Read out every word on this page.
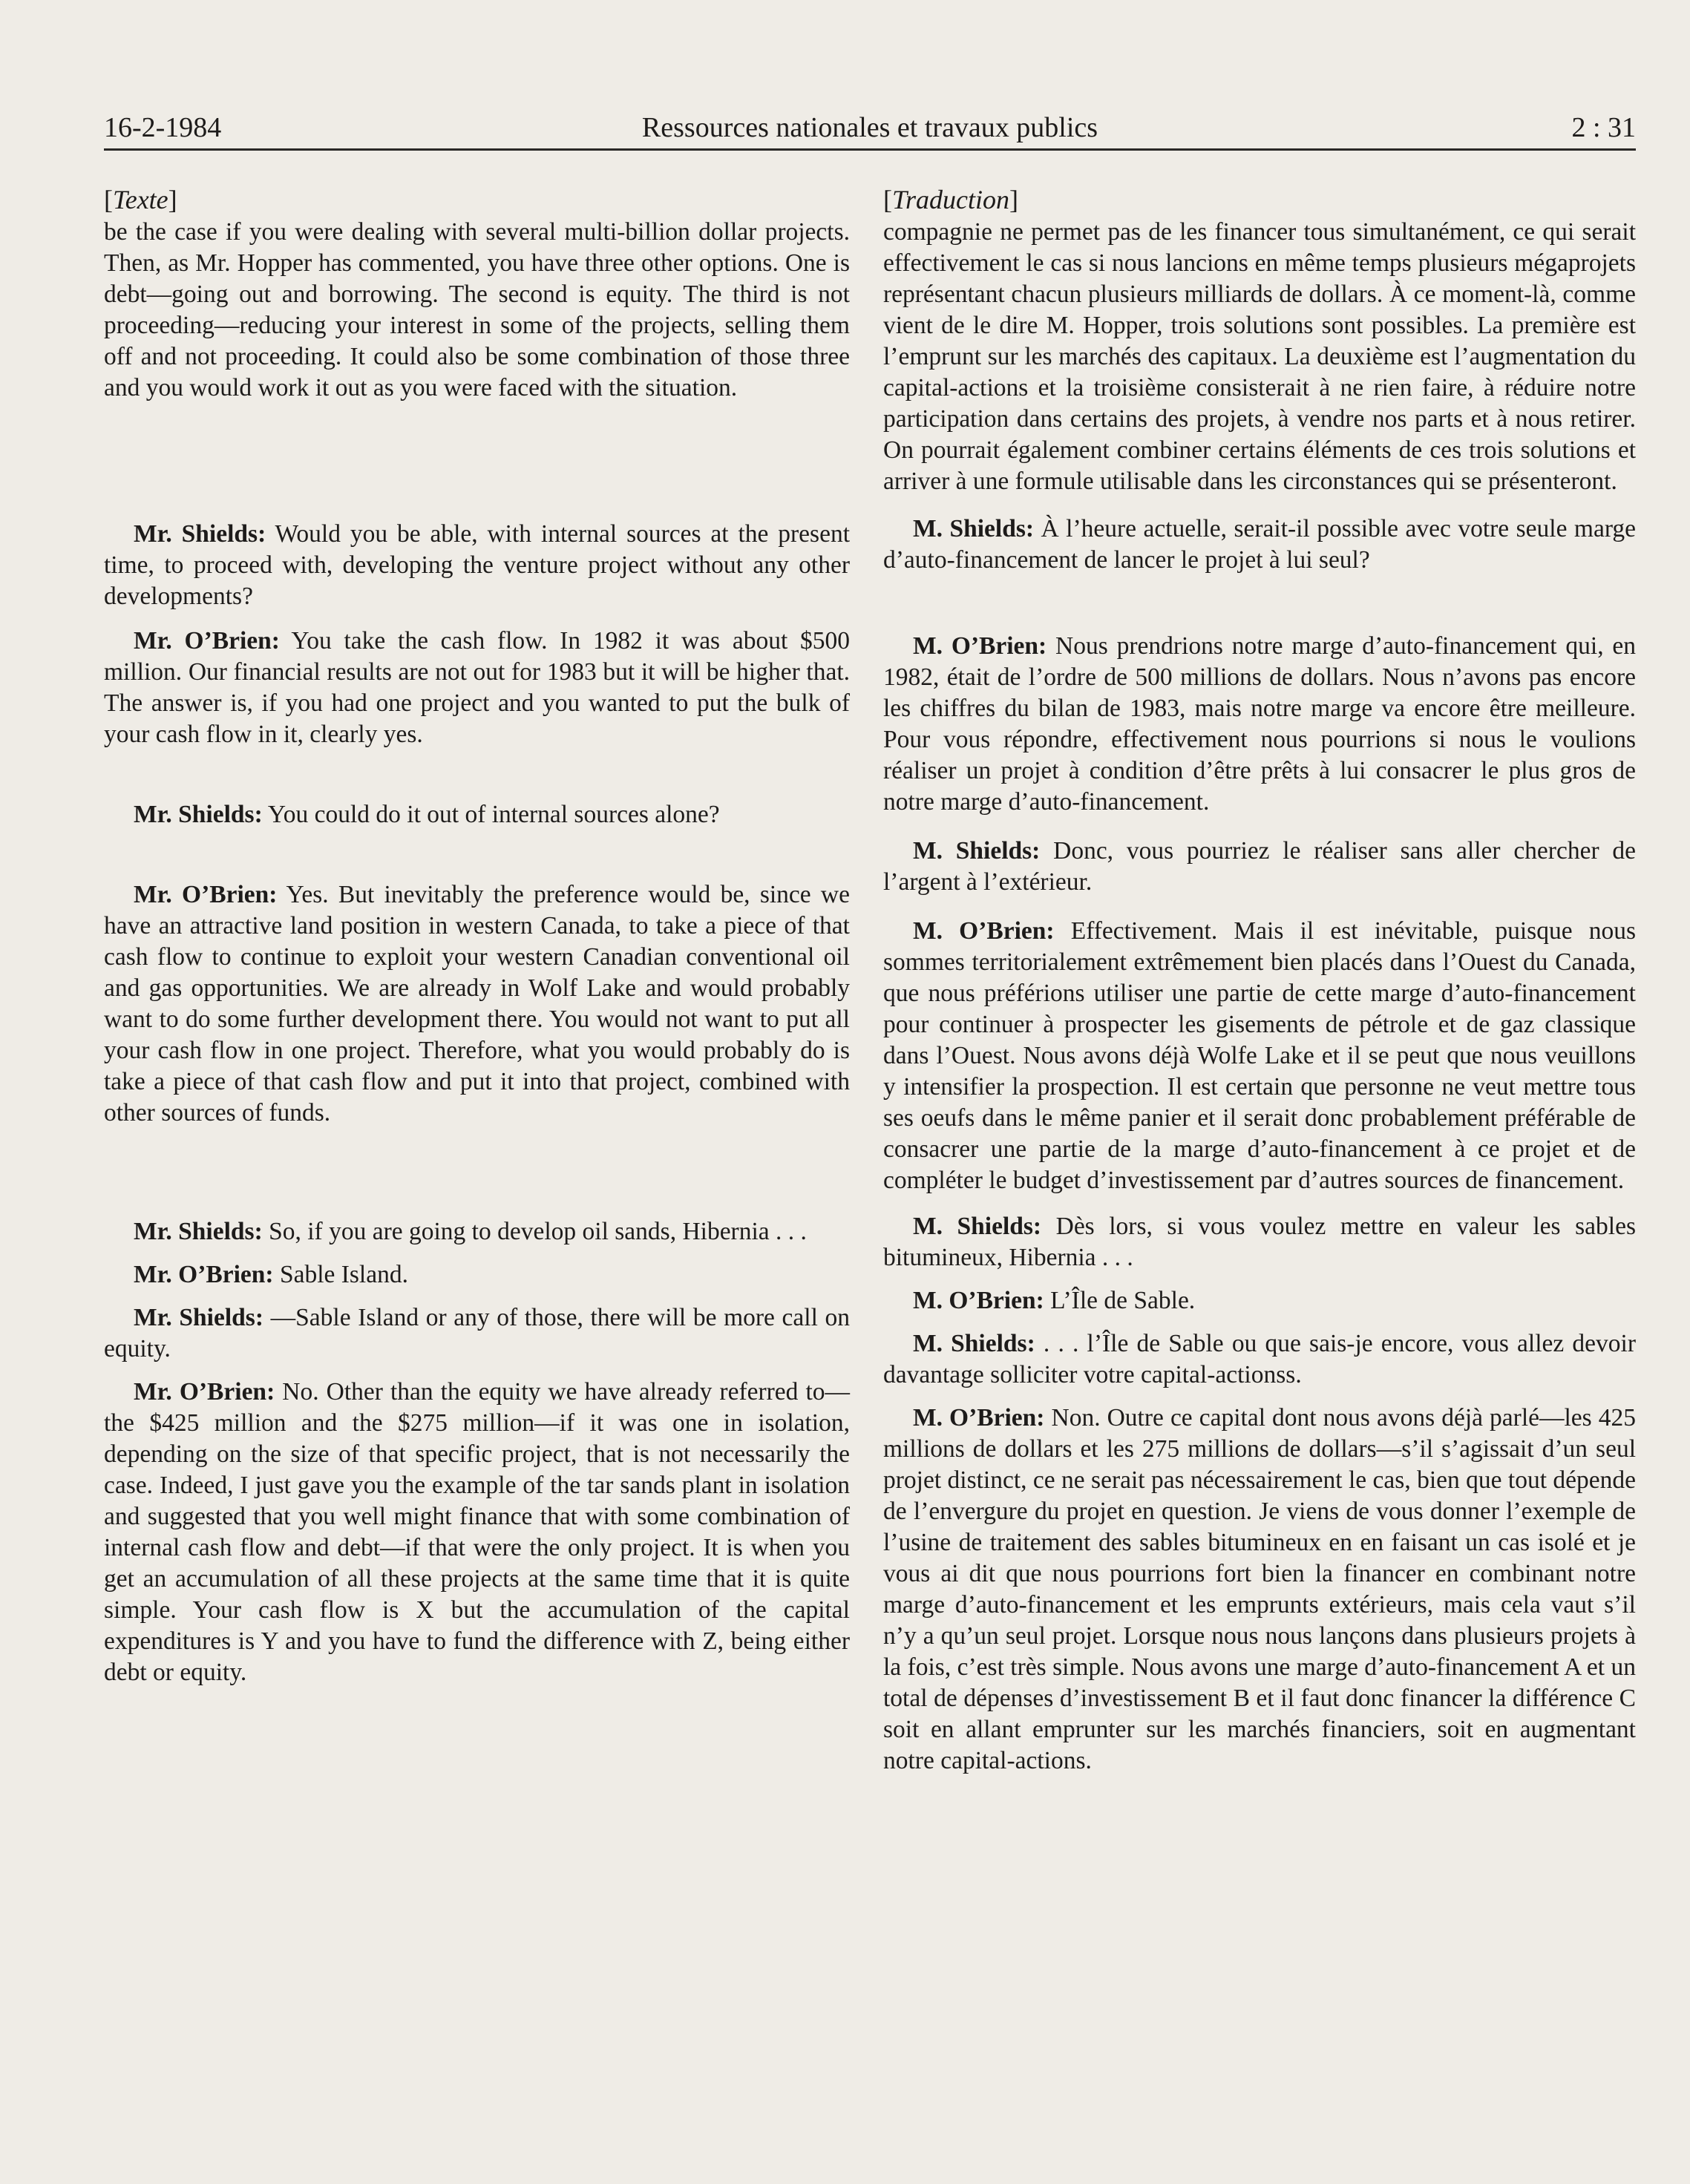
16-2-1984	Ressources nationales et travaux publics	2 : 31
[Texte]

be the case if you were dealing with several multi-billion dollar projects. Then, as Mr. Hopper has commented, you have three other options. One is debt—going out and borrowing. The second is equity. The third is not proceeding—reducing your interest in some of the projects, selling them off and not proceeding. It could also be some combination of those three and you would work it out as you were faced with the situation.

Mr. Shields: Would you be able, with internal sources at the present time, to proceed with, developing the venture project without any other developments?

Mr. O’Brien: You take the cash flow. In 1982 it was about $500 million. Our financial results are not out for 1983 but it will be higher that. The answer is, if you had one project and you wanted to put the bulk of your cash flow in it, clearly yes.

Mr. Shields: You could do it out of internal sources alone?

Mr. O’Brien: Yes. But inevitably the preference would be, since we have an attractive land position in western Canada, to take a piece of that cash flow to continue to exploit your western Canadian conventional oil and gas opportunities. We are already in Wolf Lake and would probably want to do some further development there. You would not want to put all your cash flow in one project. Therefore, what you would probably do is take a piece of that cash flow and put it into that project, combined with other sources of funds.

Mr. Shields: So, if you are going to develop oil sands, Hibernia . . .

Mr. O’Brien: Sable Island.

Mr. Shields: —Sable Island or any of those, there will be more call on equity.

Mr. O’Brien: No. Other than the equity we have already referred to—the $425 million and the $275 million—if it was one in isolation, depending on the size of that specific project, that is not necessarily the case. Indeed, I just gave you the example of the tar sands plant in isolation and suggested that you well might finance that with some combination of internal cash flow and debt—if that were the only project. It is when you get an accumulation of all these projects at the same time that it is quite simple. Your cash flow is X but the accumulation of the capital expenditures is Y and you have to fund the difference with Z, being either debt or equity.

[Traduction]

compagnie ne permet pas de les financer tous simultanément, ce qui serait effectivement le cas si nous lancions en même temps plusieurs mégaprojets représentant chacun plusieurs milliards de dollars. À ce moment-là, comme vient de le dire M. Hopper, trois solutions sont possibles. La première est l’emprunt sur les marchés des capitaux. La deuxième est l’augmentation du capital-actions et la troisième consisterait à ne rien faire, à réduire notre participation dans certains des projets, à vendre nos parts et à nous retirer. On pourrait également combiner certains éléments de ces trois solutions et arriver à une formule utilisable dans les circonstances qui se présenteront.

M. Shields: À l’heure actuelle, serait-il possible avec votre seule marge d’auto-financement de lancer le projet à lui seul?

M. O’Brien: Nous prendrions notre marge d’auto-financement qui, en 1982, était de l’ordre de 500 millions de dollars. Nous n’avons pas encore les chiffres du bilan de 1983, mais notre marge va encore être meilleure. Pour vous répondre, effectivement nous pourrions si nous le voulions réaliser un projet à condition d’être prêts à lui consacrer le plus gros de notre marge d’auto-financement.

M. Shields: Donc, vous pourriez le réaliser sans aller chercher de l’argent à l’extérieur.

M. O’Brien: Effectivement. Mais il est inévitable, puisque nous sommes territorialement extrêmement bien placés dans l’Ouest du Canada, que nous préférions utiliser une partie de cette marge d’auto-financement pour continuer à prospecter les gisements de pétrole et de gaz classique dans l’Ouest. Nous avons déjà Wolfe Lake et il se peut que nous veuillons y intensifier la prospection. Il est certain que personne ne veut mettre tous ses oeufs dans le même panier et il serait donc probablement préférable de consacrer une partie de la marge d’auto-financement à ce projet et de compléter le budget d’investissement par d’autres sources de financement.

M. Shields: Dès lors, si vous voulez mettre en valeur les sables bitumineux, Hibernia . . .

M. O’Brien: L’Île de Sable.

M. Shields: . . . l’Île de Sable ou que sais-je encore, vous allez devoir davantage solliciter votre capital-actionss.

M. O’Brien: Non. Outre ce capital dont nous avons déjà parlé—les 425 millions de dollars et les 275 millions de dollars—s’il s’agissait d’un seul projet distinct, ce ne serait pas nécessairement le cas, bien que tout dépende de l’envergure du projet en question. Je viens de vous donner l’exemple de l’usine de traitement des sables bitumineux en en faisant un cas isolé et je vous ai dit que nous pourrions fort bien la financer en combinant notre marge d’auto-financement et les emprunts extérieurs, mais cela vaut s’il n’y a qu’un seul projet. Lorsque nous nous lançons dans plusieurs projets à la fois, c’est très simple. Nous avons une marge d’auto-financement A et un total de dépenses d’investissement B et il faut donc financer la différence C soit en allant emprunter sur les marchés financiers, soit en augmentant notre capital-actions.
